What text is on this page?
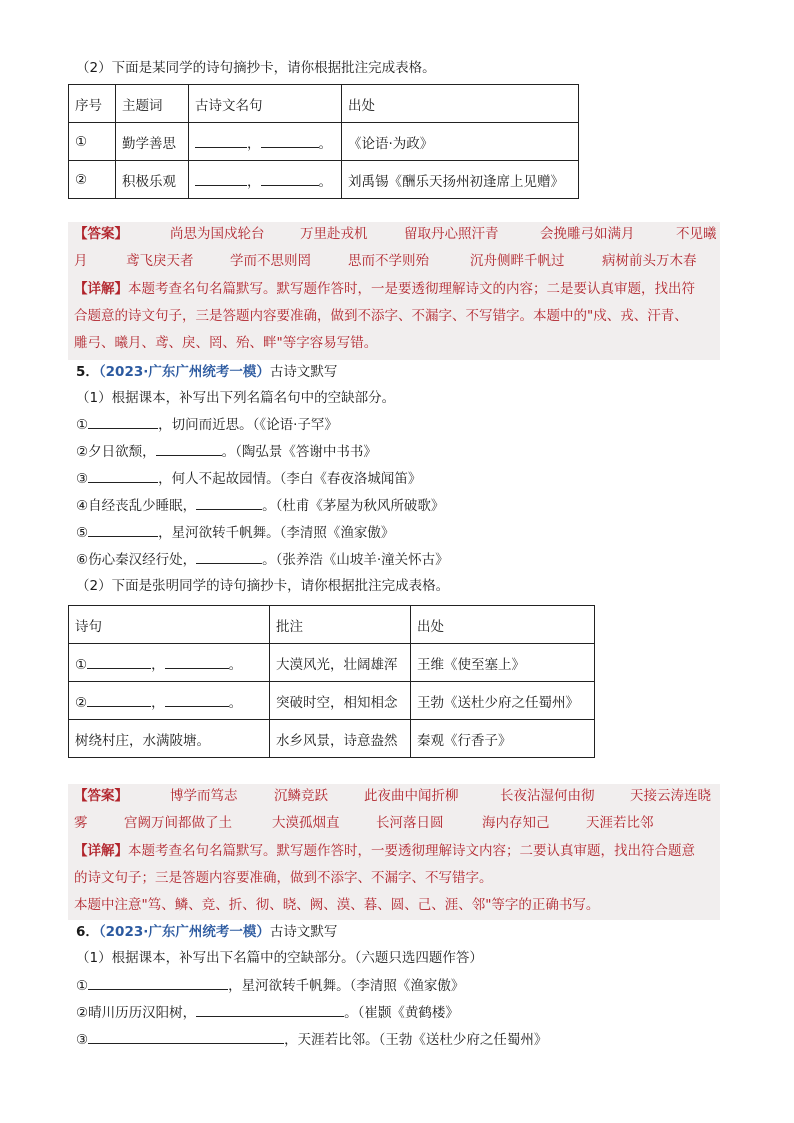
（2）下面是某同学的诗句摘抄卡，请你根据批注完成表格。
序号	主题词	古诗文名句	出处
①	勤学善思	， 。	《论语·为政》
②	积极乐观	， 。	刘禹锡《酬乐天扬州初逢席上见赠》
【答案】	尚思为国戍轮台	万里赴戎机	留取丹心照汗青	会挽雕弓如满月	不见曦
月	鸢飞戾天者	学而不思则罔	思而不学则殆	沉舟侧畔千帆过	病树前头万木春
【详解】本题考查名句名篇默写。默写题作答时，一是要透彻理解诗文的内容；二是要认真审题，找出符
合题意的诗文句子，三是答题内容要准确，做到不添字、不漏字、不写错字。本题中的"戍、戎、汗青、
雕弓、曦月、鸢、戾、罔、殆、畔"等字容易写错。
5．（2023·广东广州统考一模）古诗文默写
（1）根据课本，补写出下列名篇名句中的空缺部分。
①	，切问而近思。（《论语·子罕》
②夕日欲颓，	。（陶弘景《答谢中书书》
③	，何人不起故园情。（李白《春夜洛城闻笛》
④自经丧乱少睡眠，	。（杜甫《茅屋为秋风所破歌》
⑤	，星河欲转千帆舞。（李清照《渔家傲》
⑥伤心秦汉经行处，	。（张养浩《山坡羊·潼关怀古》
（2）下面是张明同学的诗句摘抄卡，请你根据批注完成表格。
诗句	批注	出处
① ， 。	大漠风光，壮阔雄浑	王维《使至塞上》
② ， 。	突破时空，相知相念	王勃《送杜少府之任蜀州》
树绕村庄，水满陂塘。	水乡风景，诗意盎然	秦观《行香子》
【答案】	博学而笃志	沉鳞竞跃	此夜曲中闻折柳	长夜沾湿何由彻	天接云涛连晓
雾	宫阙万间都做了土	大漠孤烟直	长河落日圆	海内存知己	天涯若比邻
【详解】本题考查名句名篇默写。默写题作答时，一要透彻理解诗文内容；二要认真审题，找出符合题意
的诗文句子；三是答题内容要准确，做到不添字、不漏字、不写错字。
本题中注意"笃、鳞、竞、折、彻、晓、阙、漠、暮、圆、己、涯、邻"等字的正确书写。
6．（2023·广东广州统考一模）古诗文默写
（1）根据课本，补写出下名篇中的空缺部分。（六题只选四题作答）
①	，星河欲转千帆舞。（李清照《渔家傲》
②晴川历历汉阳树，	。（崔颢《黄鹤楼》
③	，天涯若比邻。（王勃《送杜少府之任蜀州》
